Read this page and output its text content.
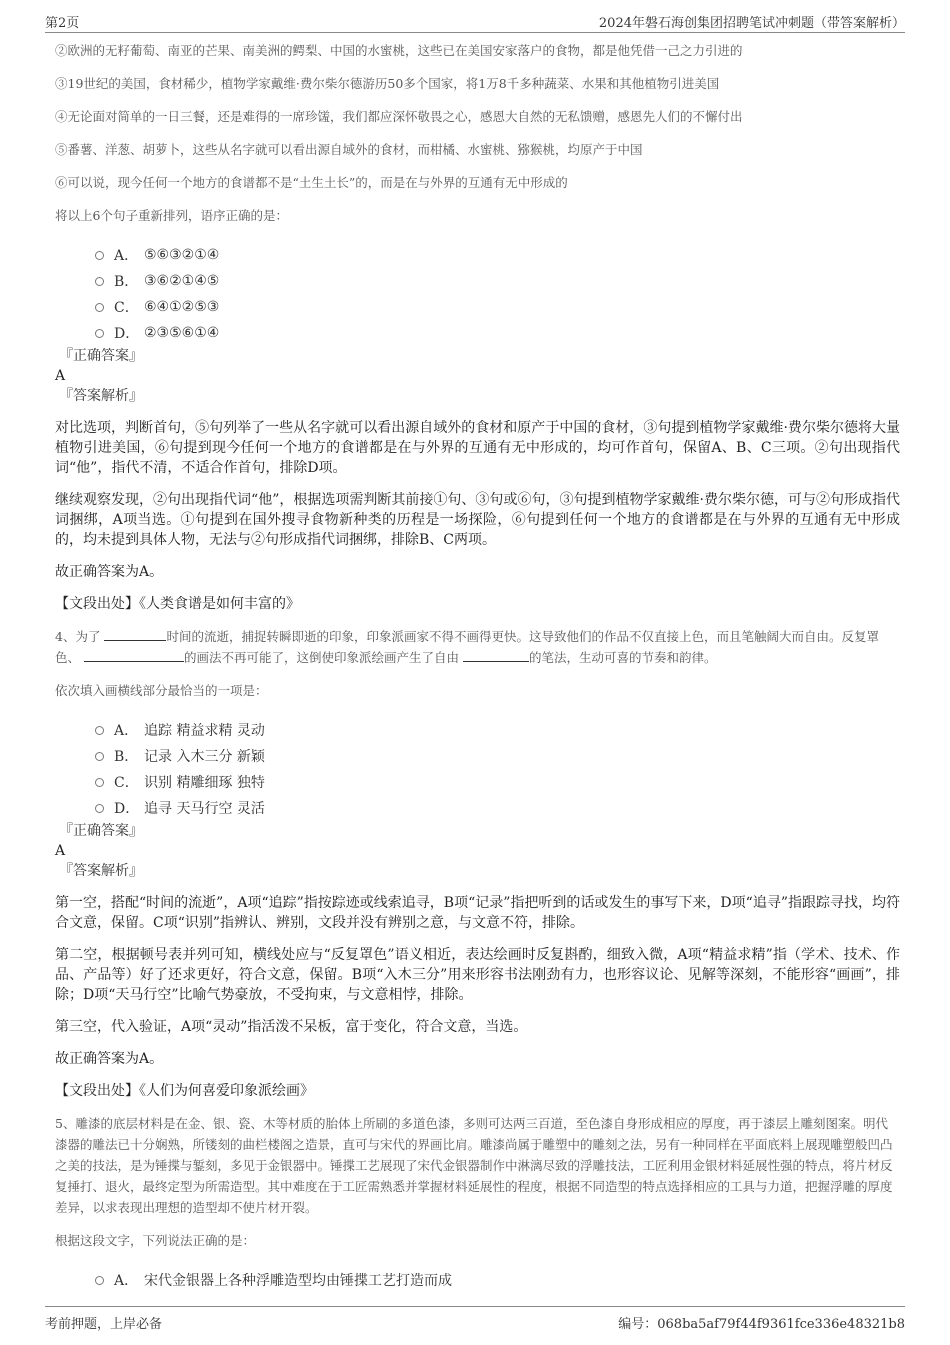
第2页	2024年磐石海创集团招聘笔试冲刺题（带答案解析）

②欧洲的无籽葡萄、南亚的芒果、南美洲的鳄梨、中国的水蜜桃，这些已在美国安家落户的食物，都是他凭借一己之力引进的

③19世纪的美国，食材稀少，植物学家戴维·费尔柴尔德游历50多个国家，将1万8千多种蔬菜、水果和其他植物引进美国

④无论面对简单的一日三餐，还是难得的一席珍馐，我们都应深怀敬畏之心，感恩大自然的无私馈赠，感恩先人们的不懈付出

⑤番薯、洋葱、胡萝卜，这些从名字就可以看出源自域外的食材，而柑橘、水蜜桃、猕猴桃，均原产于中国

⑥可以说，现今任何一个地方的食谱都不是“土生土长”的，而是在与外界的互通有无中形成的

将以上6个句子重新排列，语序正确的是：

A． ⑤⑥③②①④
B． ③⑥②①④⑤
C． ⑥④①②⑤③
D． ②③⑤⑥①④
『正确答案』
A
『答案解析』

对比选项，判断首句，⑤句列举了一些从名字就可以看出源自域外的食材和原产于中国的食材，③句提到植物学家戴维·费尔柴尔德将大量植物引进美国，⑥句提到现今任何一个地方的食谱都是在与外界的互通有无中形成的，均可作首句，保留A、B、C三项。②句出现指代词“他”，指代不清，不适合作首句，排除D项。

继续观察发现，②句出现指代词“他”，根据选项需判断其前接①句、③句或⑥句，③句提到植物学家戴维·费尔柴尔德，可与②句形成指代词捆绑，A项当选。①句提到在国外搜寻食物新种类的历程是一场探险，⑥句提到任何一个地方的食谱都是在与外界的互通有无中形成的，均未提到具体人物，无法与②句形成指代词捆绑，排除B、C两项。

故正确答案为A。

【文段出处】《人类食谱是如何丰富的》

4、为了	时间的流逝，捕捉转瞬即逝的印象，印象派画家不得不画得更快。这导致他们的作品不仅直接上色，而且笔触阔大而自由。反复罩色、	的画法不再可能了，这倒使印象派绘画产生了自由	的笔法，生动可喜的节奏和韵律。

依次填入画横线部分最恰当的一项是：

A． 追踪 精益求精 灵动
B． 记录 入木三分 新颖
C． 识别 精雕细琢 独特
D． 追寻 天马行空 灵活
『正确答案』
A
『答案解析』

第一空，搭配“时间的流逝”，A项“追踪”指按踪迹或线索追寻，B项“记录”指把听到的话或发生的事写下来，D项“追寻”指跟踪寻找，均符合文意，保留。C项“识别”指辨认、辨别，文段并没有辨别之意，与文意不符，排除。

第二空，根据顿号表并列可知，横线处应与“反复罩色”语义相近，表达绘画时反复斟酌，细致入微，A项“精益求精”指（学术、技术、作品、产品等）好了还求更好，符合文意，保留。B项“入木三分”用来形容书法刚劲有力，也形容议论、见解等深刻，不能形容“画画”，排除；D项“天马行空”比喻气势豪放，不受拘束，与文意相悖，排除。

第三空，代入验证，A项“灵动”指活泼不呆板，富于变化，符合文意，当选。

故正确答案为A。

【文段出处】《人们为何喜爱印象派绘画》

5、雕漆的底层材料是在金、银、瓷、木等材质的胎体上所刷的多道色漆，多则可达两三百道，至色漆自身形成相应的厚度，再于漆层上雕刻图案。明代漆器的雕法已十分娴熟，所镂刻的曲栏楼阁之造景，直可与宋代的界画比肩。雕漆尚属于雕塑中的雕刻之法，另有一种同样在平面底料上展现雕塑般凹凸之美的技法，是为锤揲与錾刻，多见于金银器中。锤揲工艺展现了宋代金银器制作中淋漓尽致的浮雕技法，工匠利用金银材料延展性强的特点，将片材反复捶打、退火，最终定型为所需造型。其中难度在于工匠需熟悉并掌握材料延展性的程度，根据不同造型的特点选择相应的工具与力道，把握浮雕的厚度差异，以求表现出理想的造型却不使片材开裂。

根据这段文字，下列说法正确的是：

A． 宋代金银器上各种浮雕造型均由锤揲工艺打造而成
考前押题，上岸必备	编号：068ba5af79f44f9361fce336e48321b8
